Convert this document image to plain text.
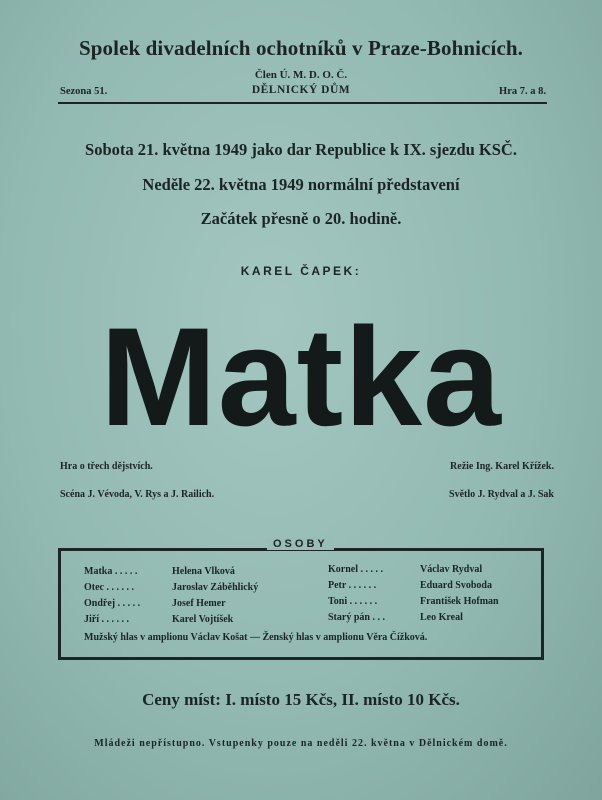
Spolek divadelních ochotníků v Praze-Bohnicích.
Člen Ú. M. D. O. Č.
Sezona 51.	DĚLNICKÝ DŮM	Hra 7. a 8.
Sobota 21. května 1949 jako dar Republice k IX. sjezdu KSČ.
Neděle 22. května 1949 normální představení
Začátek přesně o 20. hodině.
KAREL ČAPEK:
Matka
Hra o třech dějstvích.	Režie Ing. Karel Křížek.
Scéna J. Vévoda, V. Rys a J. Railich.	Světlo J. Rydval a J. Sak
OSOBY
Matka . . . . .	Helena Vlková
Otec . . . . . .	Jaroslav Záběhlický
Ondřej . . . . .	Josef Hemer
Jiří . . . . . .	Karel Vojtíšek
Kornel . . . . .	Václav Rydval
Petr . . . . . .	Eduard Svoboda
Toni . . . . . .	František Hofman
Starý pán . . .	Leo Kreal
Mužský hlas v amplionu Václav Košat — Ženský hlas v amplionu Věra Čížková.
Ceny míst: I. místo 15 Kčs, II. místo 10 Kčs.
Mládeži nepřístupno. Vstupenky pouze na neděli 22. května v Dělnickém domě.
